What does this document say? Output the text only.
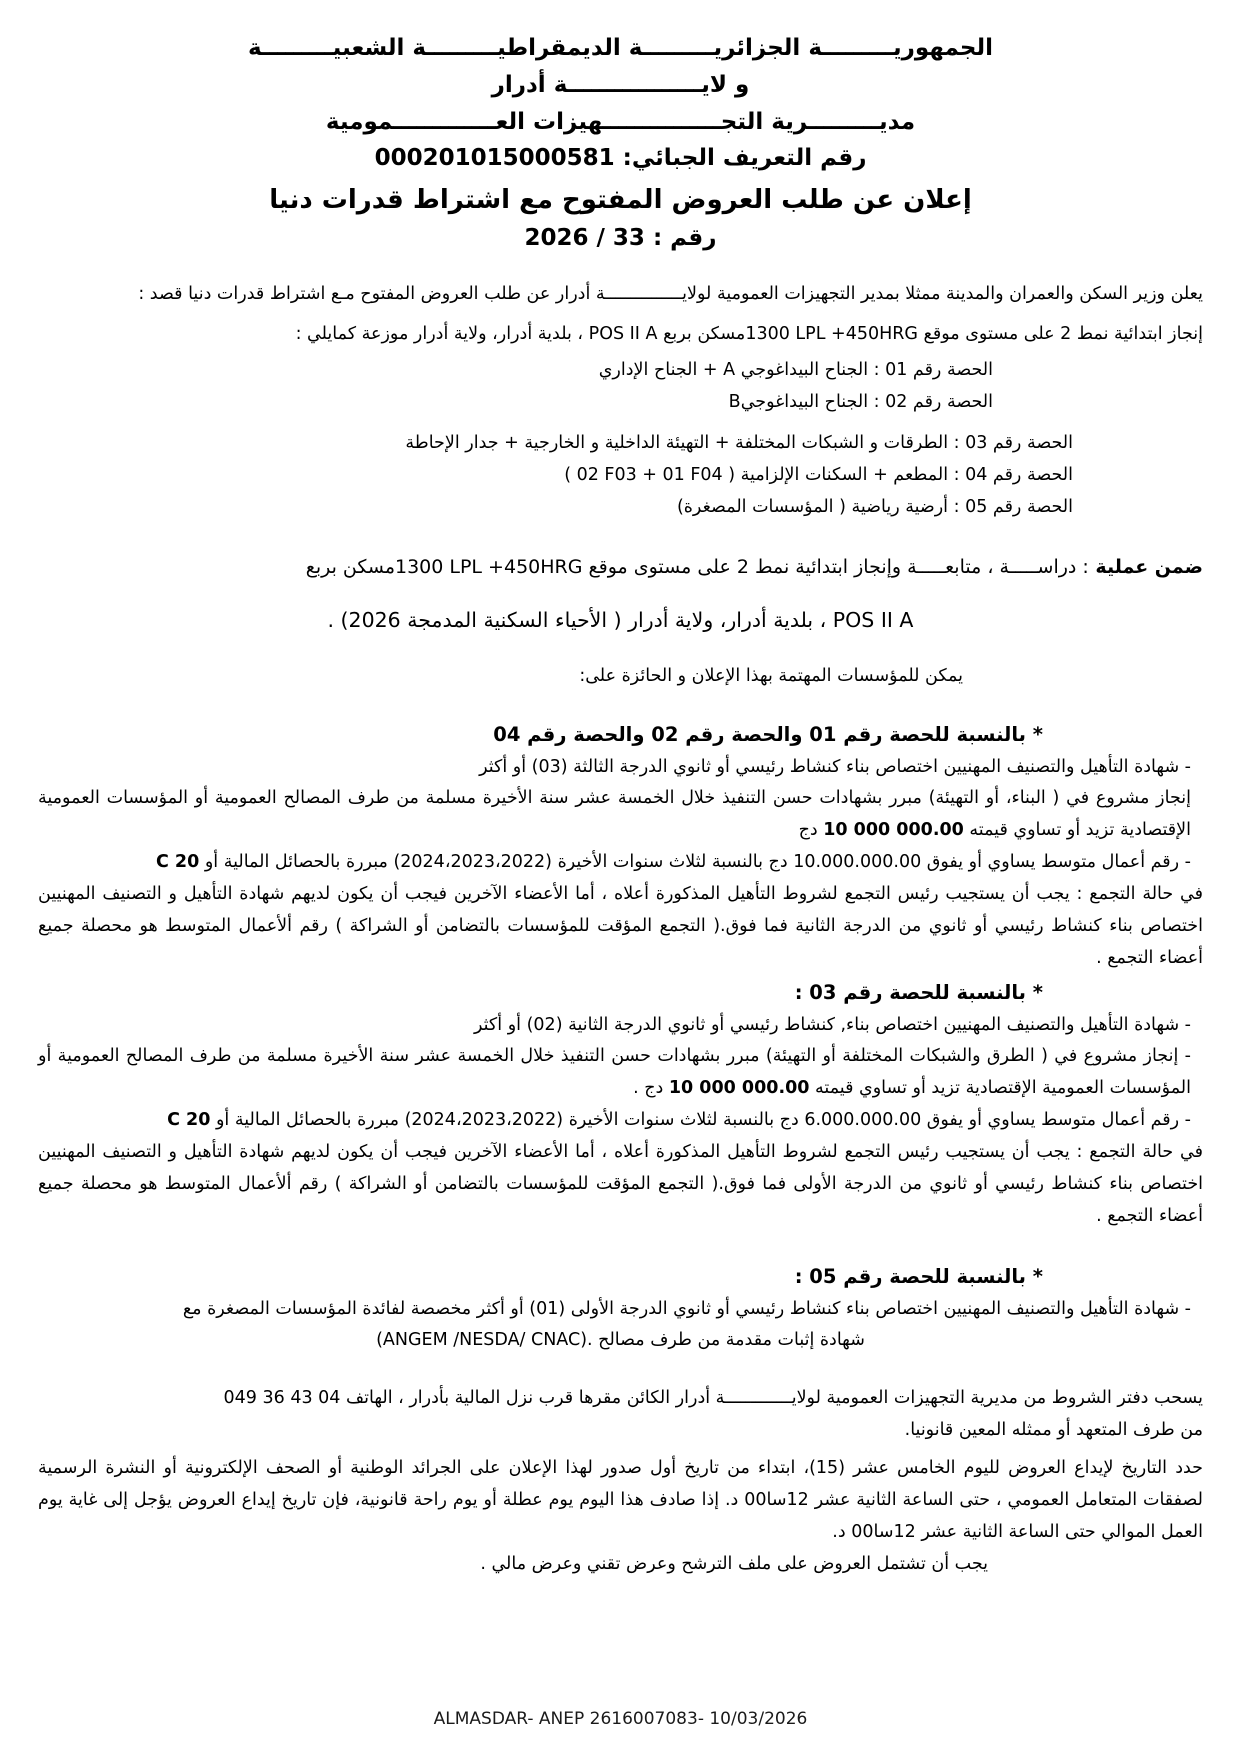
الجمهوريـــــــــة الجزائريـــــــــة الديمقراطيـــــــــة الشعبيـــــــــة
و لايـــــــــــــــــة أدرار
مديـــــــــرية التجـــــــــــــــهيزات العـــــــــــــمومية
رقم التعريف الجبائي: 000201015000581
إعلان عن طلب العروض المفتوح مع اشتراط قدرات دنيا
رقم : 2026 / 33

يعلن وزير السكن والعمران والمدينة ممثلا بمدير التجهيزات العمومية لولايـــــــــــــــة أدرار عن طلب العروض المفتوح مـع اشتراط قدرات دنيا قصد :

إنجاز ابتدائية نمط 2 على مستوى موقع 1300 LPL +450HRGمسكن بربع POS II A ، بلدية أدرار، ولاية أدرار موزعة كمايلي :

الحصة رقم 01 : الجناح البيداغوجي A + الجناح الإداري
الحصة رقم 02 : الجناح البيداغوجيB
الحصة رقم 03 : الطرقات و الشبكات المختلفة + التهيئة الداخلية و الخارجية + جدار الإحاطة
الحصة رقم 04 : المطعم + السكنات الإلزامية ( 02 F03 + 01 F04 )
الحصة رقم 05 : أرضية رياضية ( المؤسسات المصغرة)
ضمن عملية : دراســـــة ، متابعـــــة وإنجاز ابتدائية نمط 2 على مستوى موقع 1300 LPL +450HRGمسكن بربع
POS II A ، بلدية أدرار، ولاية أدرار ( الأحياء السكنية المدمجة 2026) .

يمكن للمؤسسات المهتمة بهذا الإعلان و الحائزة على:

* بالنسبة للحصة رقم 01 والحصة رقم 02 والحصة رقم 04

- شهادة التأهيل والتصنيف المهنيين اختصاص بناء كنشاط رئيسي أو ثانوي الدرجة الثالثة (03) أو أكثر

إنجاز مشروع في ( البناء، أو التهيئة) مبرر بشهادات حسن التنفيذ خلال الخمسة عشر سنة الأخيرة مسلمة من طرف المصالح العمومية أو المؤسسات العمومية الإقتصادية تزيد أو تساوي قيمته 10 000 000.00 دج

- رقم أعمال متوسط يساوي أو يفوق 10.000.000.00 دج بالنسبة لثلاث سنوات الأخيرة (2024،2023،2022) مبررة بالحصائل المالية أو C 20

في حالة التجمع : يجب أن يستجيب رئيس التجمع لشروط التأهيل المذكورة أعلاه ، أما الأعضاء الآخرين فيجب أن يكون لديهم شهادة التأهيل و التصنيف المهنيين اختصاص بناء كنشاط رئيسي أو ثانوي من الدرجة الثانية فما فوق.( التجمع المؤقت للمؤسسات بالتضامن أو الشراكة ) رقم ألأعمال المتوسط هو محصلة جميع أعضاء التجمع .

* بالنسبة للحصة رقم 03 :

- شهادة التأهيل والتصنيف المهنيين اختصاص بناء, كنشاط رئيسي أو ثانوي الدرجة الثانية (02) أو أكثر

- إنجاز مشروع في ( الطرق والشبكات المختلفة أو التهيئة) مبرر بشهادات حسن التنفيذ خلال الخمسة عشر سنة الأخيرة مسلمة من طرف المصالح العمومية أو المؤسسات العمومية الإقتصادية تزيد أو تساوي قيمته 10 000 000.00 دج .

- رقم أعمال متوسط يساوي أو يفوق 6.000.000.00 دج بالنسبة لثلاث سنوات الأخيرة (2024،2023،2022) مبررة بالحصائل المالية أو C 20

في حالة التجمع : يجب أن يستجيب رئيس التجمع لشروط التأهيل المذكورة أعلاه ، أما الأعضاء الآخرين فيجب أن يكون لديهم شهادة التأهيل و التصنيف المهنيين اختصاص بناء كنشاط رئيسي أو ثانوي من الدرجة الأولى فما فوق.( التجمع المؤقت للمؤسسات بالتضامن أو الشراكة ) رقم ألأعمال المتوسط هو محصلة جميع أعضاء التجمع .

* بالنسبة للحصة رقم 05 :

- شهادة التأهيل والتصنيف المهنيين اختصاص بناء كنشاط رئيسي أو ثانوي الدرجة الأولى (01) أو أكثر مخصصة لفائدة المؤسسات المصغرة مع

شهادة إثبات مقدمة من طرف مصالح .(ANGEM /NESDA/ CNAC)

يسحب دفتر الشروط من مديرية التجهيزات العمومية لولايـــــــــــــة أدرار الكائن مقرها قرب نزل المالية بأدرار ، الهاتف 049 36 43 04

من طرف المتعهد أو ممثله المعين قانونيا.

حدد التاريخ لإيداع العروض لليوم الخامس عشر (15)، ابتداء من تاريخ أول صدور لهذا الإعلان على الجرائد الوطنية أو الصحف الإلكترونية أو النشرة الرسمية لصفقات المتعامل العمومي ، حتى الساعة الثانية عشر 12سا00 د. إذا صادف هذا اليوم يوم عطلة أو يوم راحة قانونية، فإن تاريخ إيداع العروض يؤجل إلى غاية يوم العمل الموالي حتى الساعة الثانية عشر 12سا00 د.

يجب أن تشتمل العروض على ملف الترشح وعرض تقني وعرض مالي .

ALMASDAR- ANEP 2616007083- 10/03/2026
